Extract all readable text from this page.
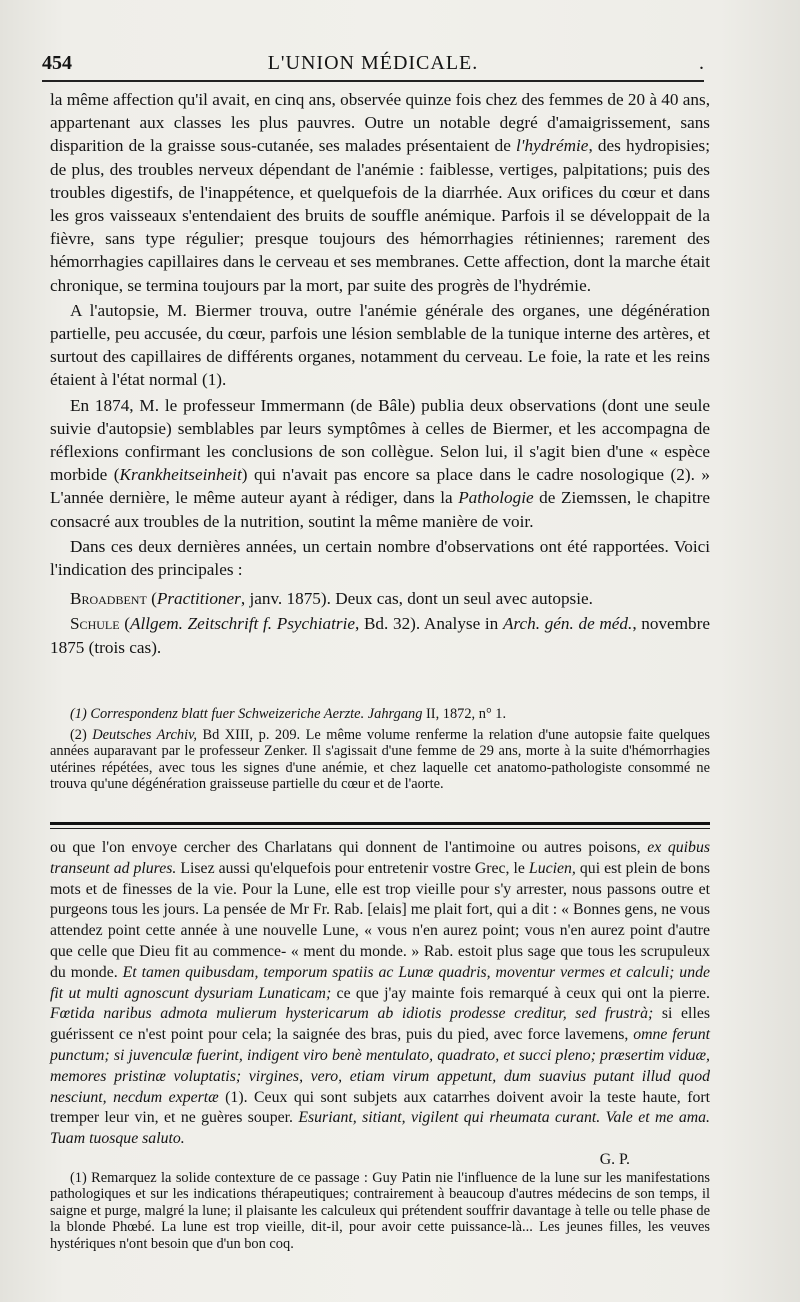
454	L'UNION MÉDICALE.	.

la même affection qu'il avait, en cinq ans, observée quinze fois chez des femmes de 20 à 40 ans, appartenant aux classes les plus pauvres. Outre un notable degré d'amaigrissement, sans disparition de la graisse sous-cutanée, ses malades présentaient de l'hydrémie, des hydropisies; de plus, des troubles nerveux dépendant de l'anémie : faiblesse, vertiges, palpitations; puis des troubles digestifs, de l'inappétence, et quelquefois de la diarrhée. Aux orifices du cœur et dans les gros vaisseaux s'entendaient des bruits de souffle anémique. Parfois il se développait de la fièvre, sans type régulier; presque toujours des hémorrhagies rétiniennes; rarement des hémorrhagies capillaires dans le cerveau et ses membranes. Cette affection, dont la marche était chronique, se termina toujours par la mort, par suite des progrès de l'hydrémie.

A l'autopsie, M. Biermer trouva, outre l'anémie générale des organes, une dégénération partielle, peu accusée, du cœur, parfois une lésion semblable de la tunique interne des artères, et surtout des capillaires de différents organes, notamment du cerveau. Le foie, la rate et les reins étaient à l'état normal (1).

En 1874, M. le professeur Immermann (de Bâle) publia deux observations (dont une seule suivie d'autopsie) semblables par leurs symptômes à celles de Biermer, et les accompagna de réflexions confirmant les conclusions de son collègue. Selon lui, il s'agit bien d'une « espèce morbide (Krankheitseinheit) qui n'avait pas encore sa place dans le cadre nosologique (2). » L'année dernière, le même auteur ayant à rédiger, dans la Pathologie de Ziemssen, le chapitre consacré aux troubles de la nutrition, soutint la même manière de voir.

Dans ces deux dernières années, un certain nombre d'observations ont été rapportées. Voici l'indication des principales :

Broadbent (Practitioner, janv. 1875). Deux cas, dont un seul avec autopsie.

Schule (Allgem. Zeitschrift f. Psychiatrie, Bd. 32). Analyse in Arch. gén. de méd., novembre 1875 (trois cas).

(1) Correspondenz blatt fuer Schweizeriche Aerzte. Jahrgang II, 1872, n° 1.

(2) Deutsches Archiv, Bd XIII, p. 209. Le même volume renferme la relation d'une autopsie faite quelques années auparavant par le professeur Zenker. Il s'agissait d'une femme de 29 ans, morte à la suite d'hémorrhagies utérines répétées, avec tous les signes d'une anémie, et chez laquelle cet anatomo-pathologiste consommé ne trouva qu'une dégénération graisseuse partielle du cœur et de l'aorte.

ou que l'on envoye cercher des Charlatans qui donnent de l'antimoine ou autres poisons, ex quibus transeunt ad plures. Lisez aussi qu'elquefois pour entretenir vostre Grec, le Lucien, qui est plein de bons mots et de finesses de la vie. Pour la Lune, elle est trop vieille pour s'y arrester, nous passons outre et purgeons tous les jours. La pensée de Mr Fr. Rab. [elais] me plait fort, qui a dit : « Bonnes gens, ne vous attendez point cette année à une nouvelle Lune, « vous n'en aurez point; vous n'en aurez point d'autre que celle que Dieu fit au commence- « ment du monde. » Rab. estoit plus sage que tous les scrupuleux du monde. Et tamen quibusdam, temporum spatiis ac Lunæ quadris, moventur vermes et calculi; unde fit ut multi agnoscunt dysuriam Lunaticam; ce que j'ay mainte fois remarqué à ceux qui ont la pierre. Fœtida naribus admota mulierum hystericarum ab idiotis prodesse creditur, sed frustrà; si elles guérissent ce n'est point pour cela; la saignée des bras, puis du pied, avec force lavemens, omne ferunt punctum; si juvenculæ fuerint, indigent viro benè mentulato, quadrato, et succi pleno; præsertim viduæ, memores pristinæ voluptatis; virgines, vero, etiam virum appetunt, dum suavius putant illud quod nesciunt, necdum expertæ (1). Ceux qui sont subjets aux catarrhes doivent avoir la teste haute, fort tremper leur vin, et ne guères souper. Esuriant, sitiant, vigilent qui rheumata curant. Vale et me ama. Tuam tuosque saluto.

G. P.

(1) Remarquez la solide contexture de ce passage : Guy Patin nie l'influence de la lune sur les manifestations pathologiques et sur les indications thérapeutiques; contrairement à beaucoup d'autres médecins de son temps, il saigne et purge, malgré la lune; il plaisante les calculeux qui prétendent souffrir davantage à telle ou telle phase de la blonde Phœbé. La lune est trop vieille, dit-il, pour avoir cette puissance-là... Les jeunes filles, les veuves hystériques n'ont besoin que d'un bon coq.
